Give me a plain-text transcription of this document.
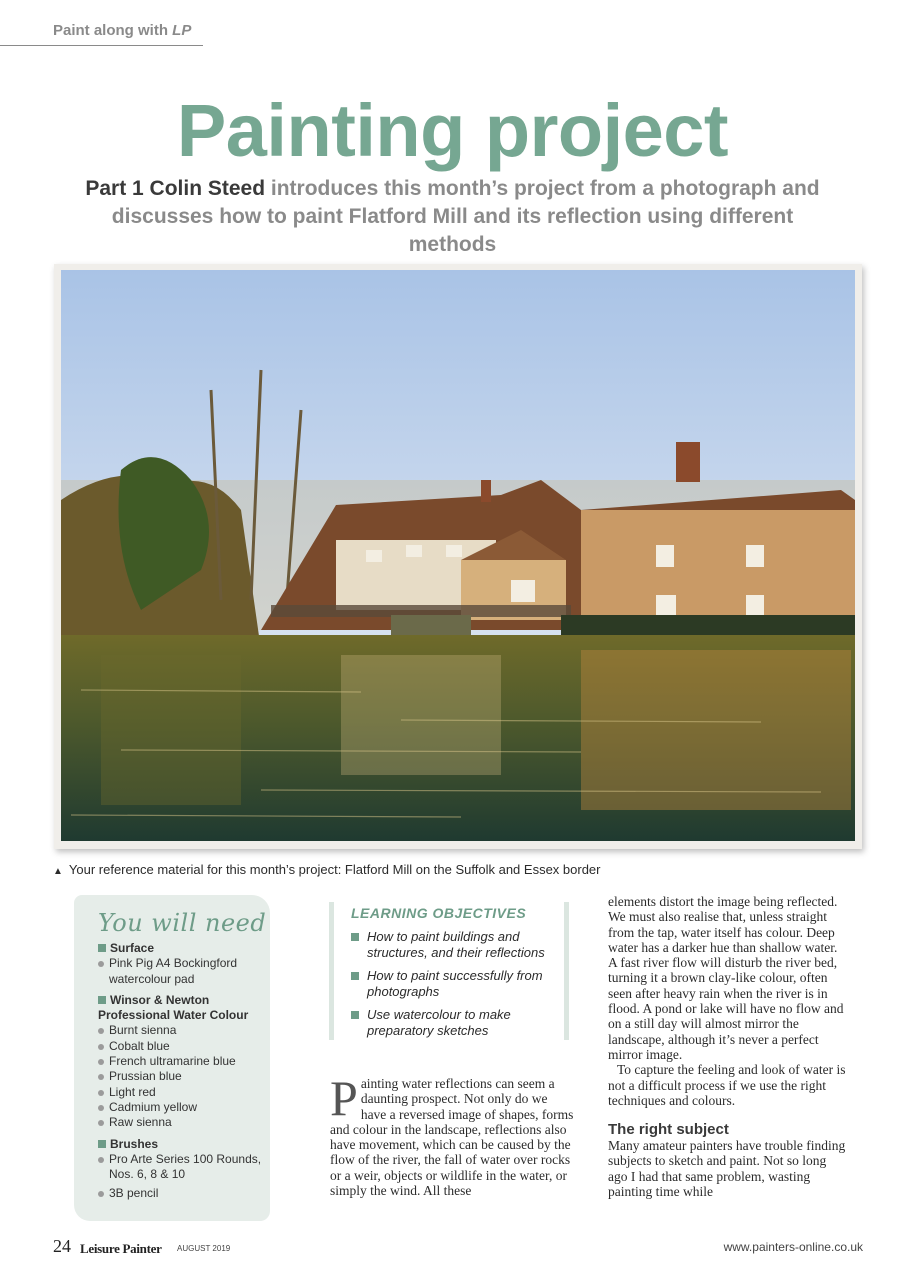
Paint along with LP
Painting project
Part 1 Colin Steed introduces this month’s project from a photograph and discusses how to paint Flatford Mill and its reflection using different methods
▲ Your reference material for this month’s project: Flatford Mill on the Suffolk and Essex border
You will need
Surface
Pink Pig A4 Bockingford
watercolour pad
Winsor & Newton Professional Water Colour
Burnt sienna
Cobalt blue
French ultramarine blue
Prussian blue
Light red
Cadmium yellow
Raw sienna
Brushes
Pro Arte Series 100 Rounds,
Nos. 6, 8 & 10
3B pencil
LEARNING OBJECTIVES
How to paint buildings and structures, and their reflections
How to paint successfully from photographs
Use watercolour to make preparatory sketches
Painting water reflections can seem a daunting prospect. Not only do we have a reversed image of shapes, forms and colour in the landscape, reflections also have movement, which can be caused by the flow of the river, the fall of water over rocks or a weir, objects or wildlife in the water, or simply the wind. All these

elements distort the image being reflected. We must also realise that, unless straight from the tap, water itself has colour. Deep water has a darker hue than shallow water. A fast river flow will disturb the river bed, turning it a brown clay-like colour, often seen after heavy rain when the river is in flood. A pond or lake will have no flow and on a still day will almost mirror the landscape, although it’s never a perfect mirror image.

To capture the feeling and look of water is not a difficult process if we use the right techniques and colours.

The right subject

Many amateur painters have trouble finding subjects to sketch and paint. Not so long ago I had that same problem, wasting painting time while

24 Leisure Painter AUGUST 2019	www.painters-online.co.uk
